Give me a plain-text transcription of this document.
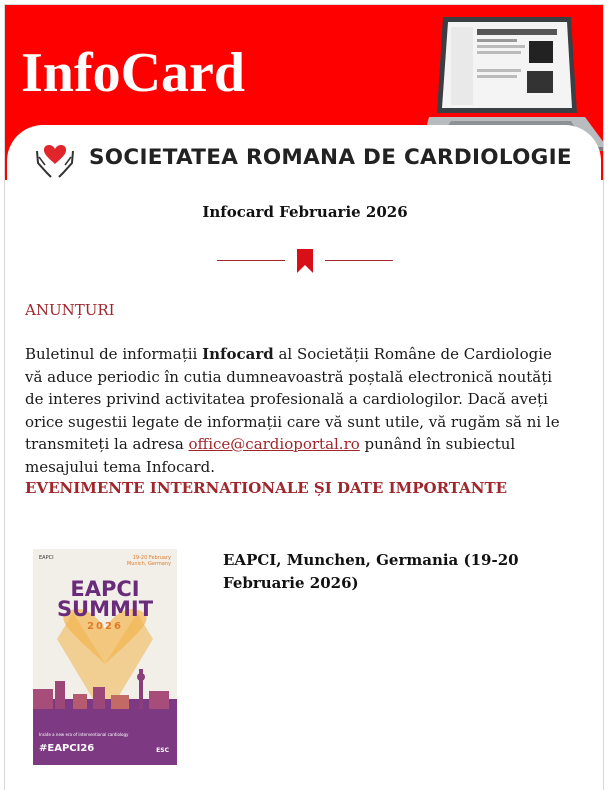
InfoCard
SOCIETATEA ROMANA DE CARDIOLOGIE
Infocard Februarie 2026
ANUNȚURI
Buletinul de informații Infocard al Societății Române de Cardiologie vă aduce periodic în cutia dumneavoastră poștală electronică noutăți de interes privind activitatea profesională a cardiologilor. Dacă aveți orice sugestii legate de informații care vă sunt utile, vă rugăm să ni le transmiteți la adresa office@cardioportal.ro punând în subiectul mesajului tema Infocard.
EVENIMENTE INTERNATIONALE ȘI DATE IMPORTANTE
EAPCI	19-20 February
Munich, Germany
EAPCI
SUMMIT
2026
Inside a new era of interventional cardiology
#EAPCI26	ESC
EAPCI, Munchen, Germania (19-20 Februarie 2026)
